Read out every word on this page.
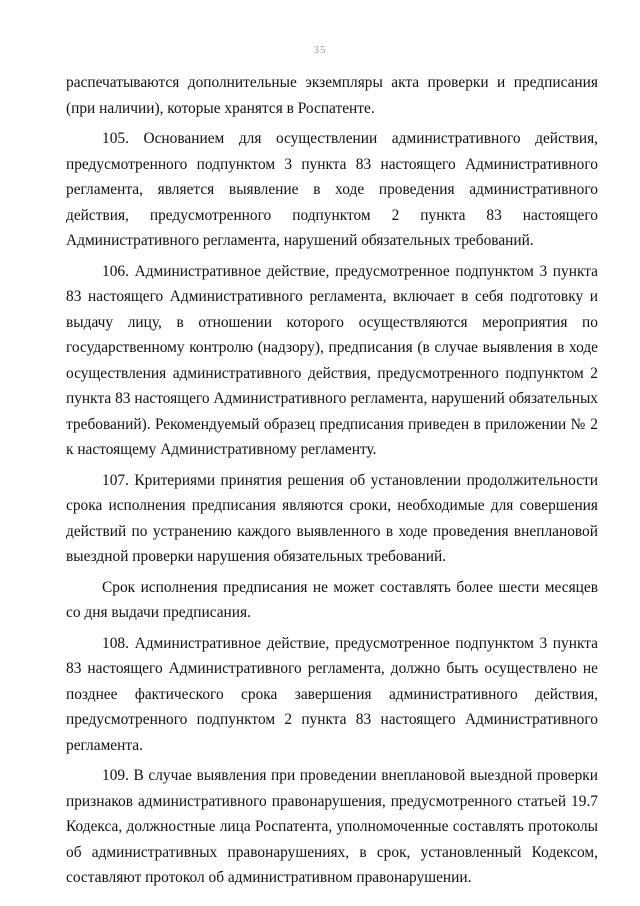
35

распечатываются дополнительные экземпляры акта проверки и предписания (при наличии), которые хранятся в Роспатенте.

105. Основанием для осуществлении административного действия, предусмотренного подпунктом 3 пункта 83 настоящего Административного регламента, является выявление в ходе проведения административного действия, предусмотренного подпунктом 2 пункта 83 настоящего Административного регламента, нарушений обязательных требований.

106. Административное действие, предусмотренное подпунктом 3 пункта 83 настоящего Административного регламента, включает в себя подготовку и выдачу лицу, в отношении которого осуществляются мероприятия по государственному контролю (надзору), предписания (в случае выявления в ходе осуществления административного действия, предусмотренного подпунктом 2 пункта 83 настоящего Административного регламента, нарушений обязательных требований). Рекомендуемый образец предписания приведен в приложении № 2 к настоящему Административному регламенту.

107. Критериями принятия решения об установлении продолжительности срока исполнения предписания являются сроки, необходимые для совершения действий по устранению каждого выявленного в ходе проведения внеплановой выездной проверки нарушения обязательных требований.

Срок исполнения предписания не может составлять более шести месяцев со дня выдачи предписания.

108. Административное действие, предусмотренное подпунктом 3 пункта 83 настоящего Административного регламента, должно быть осуществлено не позднее фактического срока завершения административного действия, предусмотренного подпунктом 2 пункта 83 настоящего Административного регламента.

109. В случае выявления при проведении внеплановой выездной проверки признаков административного правонарушения, предусмотренного статьей 19.7 Кодекса, должностные лица Роспатента, уполномоченные составлять протоколы об административных правонарушениях, в срок, установленный Кодексом, составляют протокол об административном правонарушении.
